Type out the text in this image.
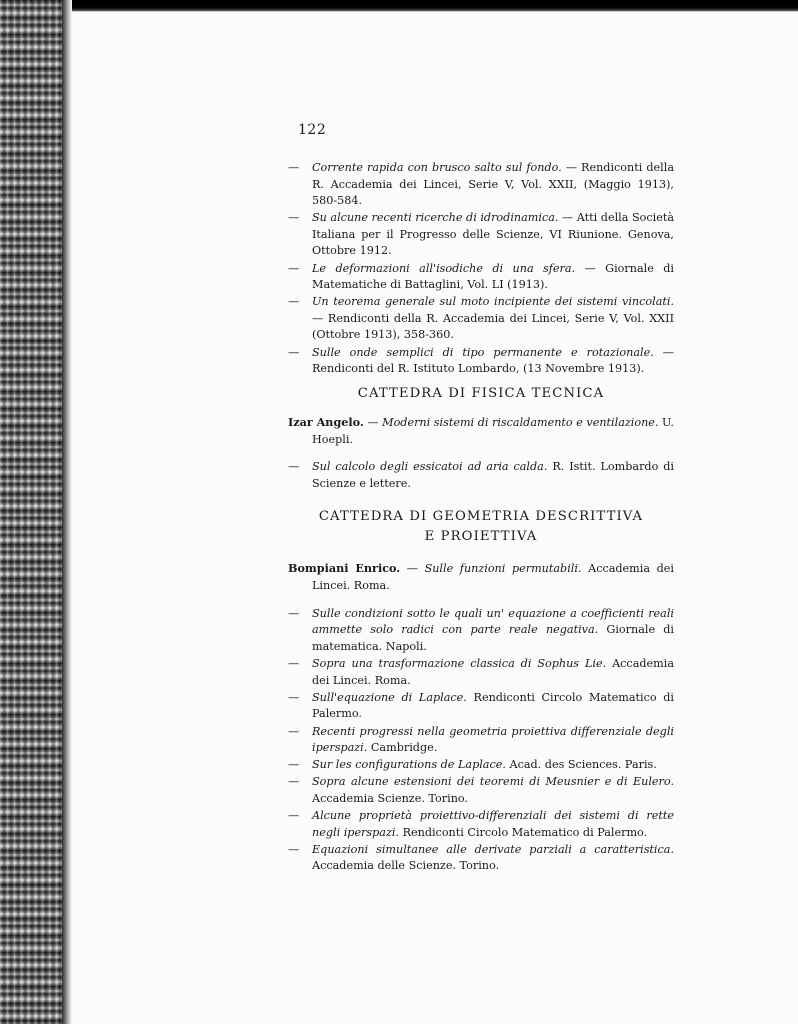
122

— Corrente rapida con brusco salto sul fondo. — Rendiconti della R. Accademia dei Lincei, Serie V, Vol. XXII, (Maggio 1913), 580-584.

— Su alcune recenti ricerche di idrodinamica. — Atti della Società Italiana per il Progresso delle Scienze, VI Riunione. Genova, Ottobre 1912.

— Le deformazioni all'isodiche di una sfera. — Giornale di Matematiche di Battaglini, Vol. LI (1913).

— Un teorema generale sul moto incipiente dei sistemi vincolati. — Rendiconti della R. Accademia dei Lincei, Serie V, Vol. XXII (Ottobre 1913), 358-360.

— Sulle onde semplici di tipo permanente e rotazionale. — Rendiconti del R. Istituto Lombardo, (13 Novembre 1913).

CATTEDRA DI FISICA TECNICA

Izar Angelo. — Moderni sistemi di riscaldamento e ventilazione. U. Hoepli.

— Sul calcolo degli essicatoi ad aria calda. R. Istit. Lombardo di Scienze e lettere.

CATTEDRA DI GEOMETRIA DESCRITTIVA
E PROIETTIVA

Bompiani Enrico. — Sulle funzioni permutabili. Accademia dei Lincei. Roma.

— Sulle condizioni sotto le quali un' equazione a coefficienti reali ammette solo radici con parte reale negativa. Giornale di matematica. Napoli.

— Sopra una trasformazione classica di Sophus Lie. Accademia dei Lincei. Roma.

— Sull'equazione di Laplace. Rendiconti Circolo Matematico di Palermo.

— Recenti progressi nella geometria proiettiva differenziale degli iperspazi. Cambridge.

— Sur les configurations de Laplace. Acad. des Sciences. Paris.

— Sopra alcune estensioni dei teoremi di Meusnier e di Eulero. Accademia Scienze. Torino.

— Alcune proprietà proiettivo-differenziali dei sistemi di rette negli iperspazi. Rendiconti Circolo Matematico di Palermo.

— Equazioni simultanee alle derivate parziali a caratteristica. Accademia delle Scienze. Torino.
